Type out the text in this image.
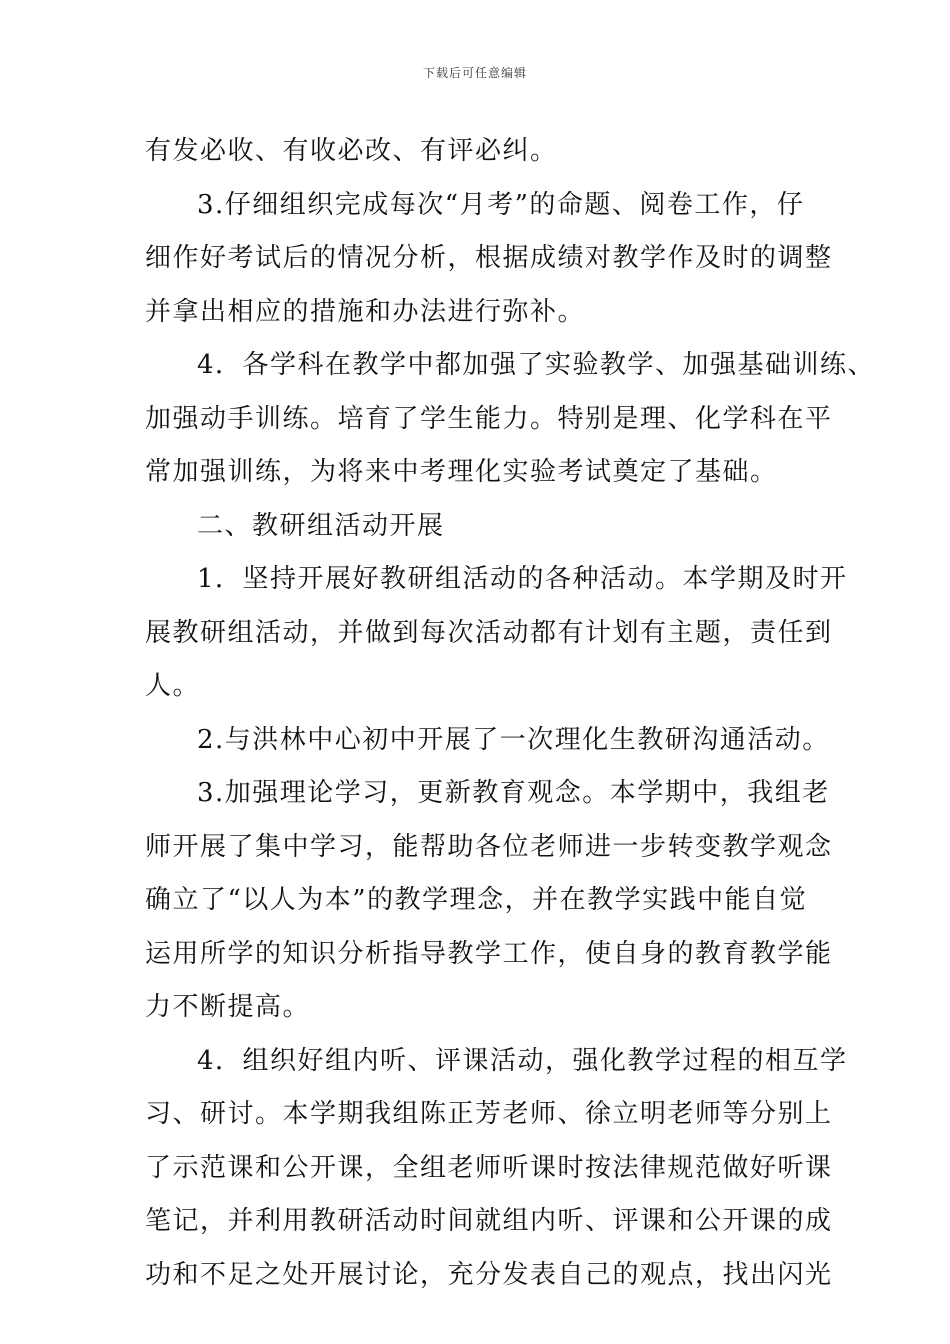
下载后可任意编辑
有发必收、有收必改、有评必纠。
3.仔细组织完成每次“月考”的命题、阅卷工作，仔
细作好考试后的情况分析，根据成绩对教学作及时的调整
并拿出相应的措施和办法进行弥补。
4．各学科在教学中都加强了实验教学、加强基础训练、
加强动手训练。培育了学生能力。特别是理、化学科在平
常加强训练，为将来中考理化实验考试奠定了基础。
二、教研组活动开展
1．坚持开展好教研组活动的各种活动。本学期及时开
展教研组活动，并做到每次活动都有计划有主题，责任到
人。
2.与洪林中心初中开展了一次理化生教研沟通活动。
3.加强理论学习，更新教育观念。本学期中，我组老
师开展了集中学习，能帮助各位老师进一步转变教学观念
确立了“以人为本”的教学理念，并在教学实践中能自觉
运用所学的知识分析指导教学工作，使自身的教育教学能
力不断提高。
4．组织好组内听、评课活动，强化教学过程的相互学
习、研讨。本学期我组陈正芳老师、徐立明老师等分别上
了示范课和公开课，全组老师听课时按法律规范做好听课
笔记，并利用教研活动时间就组内听、评课和公开课的成
功和不足之处开展讨论，充分发表自己的观点，找出闪光
